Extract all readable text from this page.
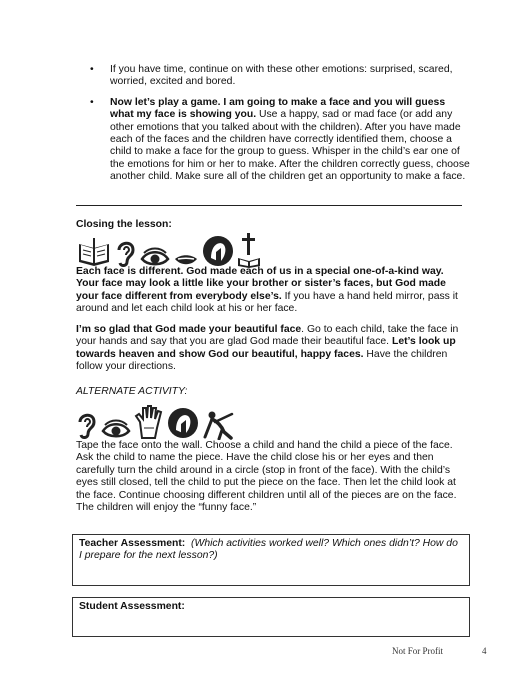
• If you have time, continue on with these other emotions: surprised, scared, worried, excited and bored.
• Now let’s play a game. I am going to make a face and you will guess what my face is showing you. Use a happy, sad or mad face (or add any other emotions that you talked about with the children). After you have made each of the faces and the children have correctly identified them, choose a child to make a face for the group to guess. Whisper in the child’s ear one of the emotions for him or her to make. After the children correctly guess, choose another child. Make sure all of the children get an opportunity to make a face.
Closing the lesson:
Each face is different. God made each of us in a special one-of-a-kind way. Your face may look a little like your brother or sister’s faces, but God made your face different from everybody else’s. If you have a hand held mirror, pass it around and let each child look at his or her face.
I’m so glad that God made your beautiful face. Go to each child, take the face in your hands and say that you are glad God made their beautiful face. Let’s look up towards heaven and show God our beautiful, happy faces. Have the children follow your directions.
ALTERNATE ACTIVITY:
Tape the face onto the wall. Choose a child and hand the child a piece of the face. Ask the child to name the piece. Have the child close his or her eyes and then carefully turn the child around in a circle (stop in front of the face). With the child’s eyes still closed, tell the child to put the piece on the face. Then let the child look at the face. Continue choosing different children until all of the pieces are on the face. The children will enjoy the “funny face.”
Teacher Assessment: (Which activities worked well? Which ones didn’t? How do I prepare for the next lesson?)
Student Assessment:
Not For Profit	4
